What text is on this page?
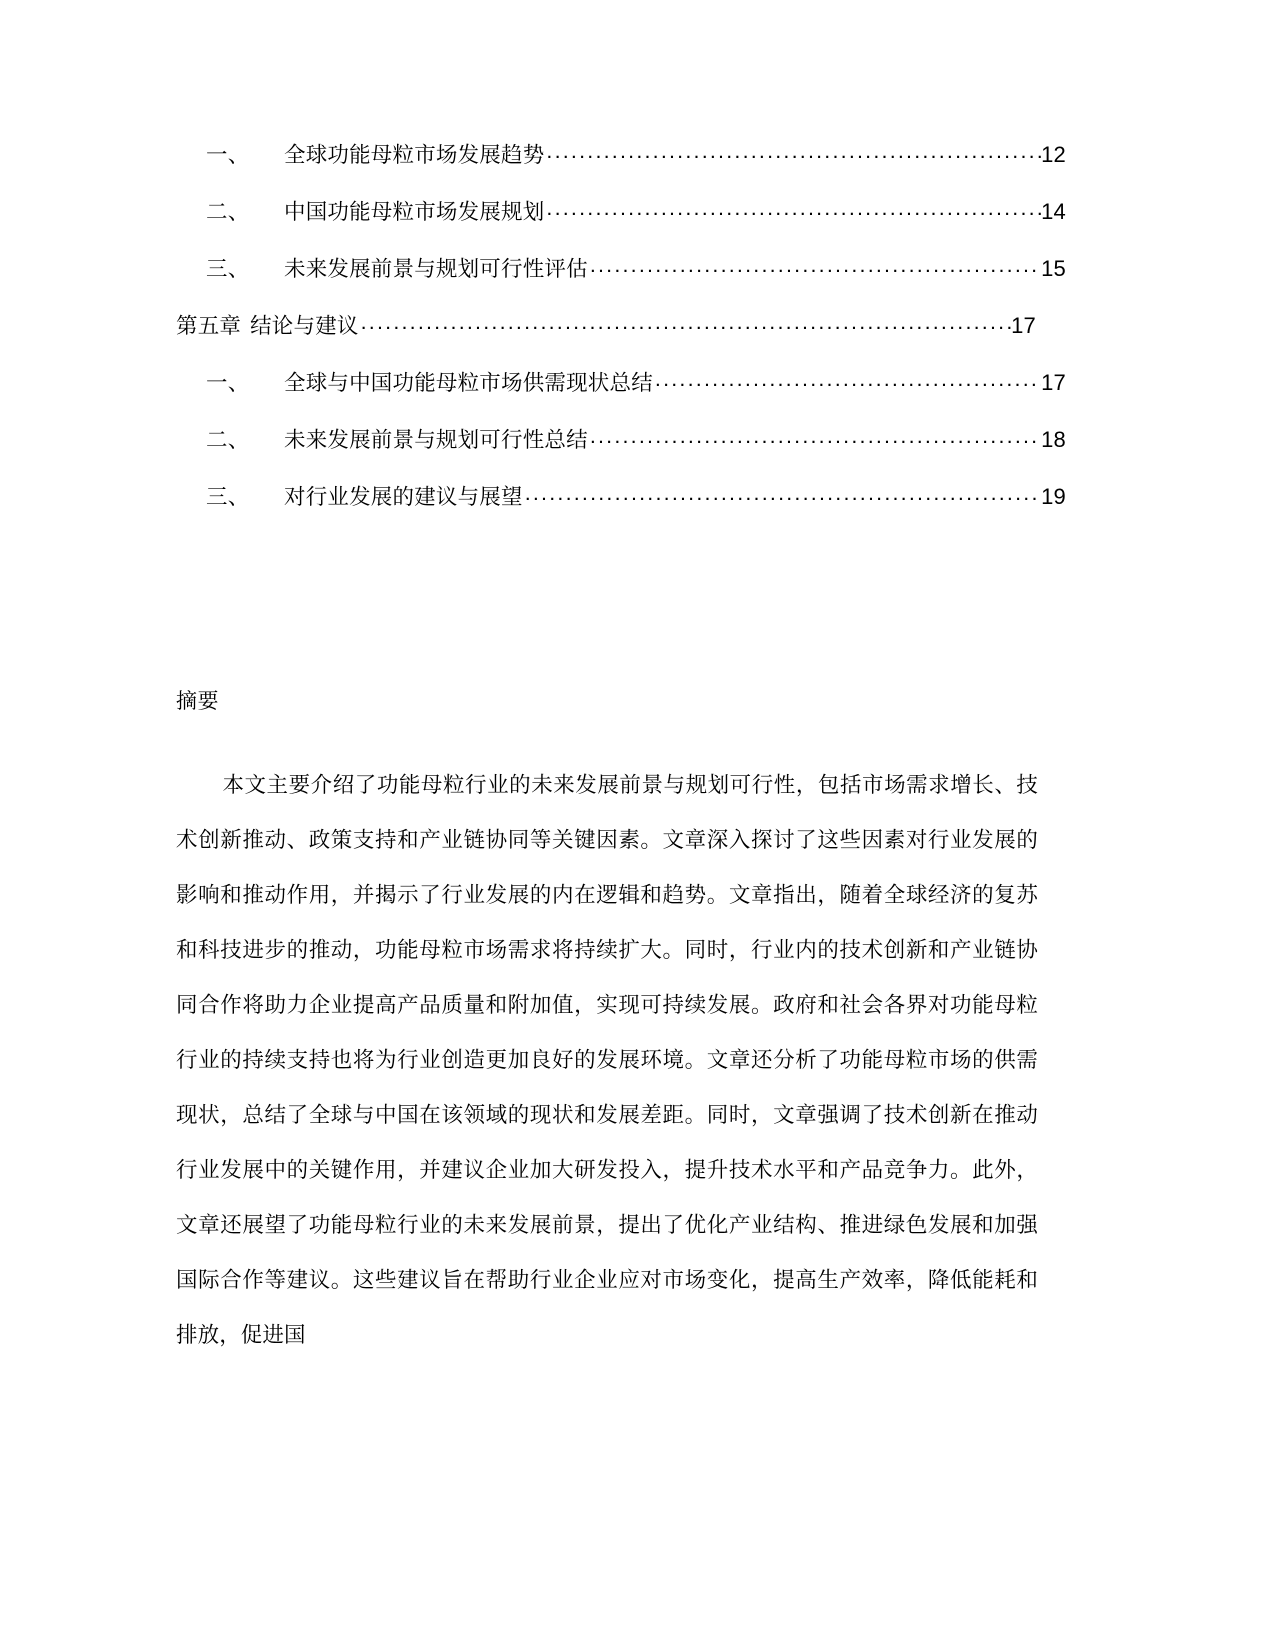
一、	全球功能母粒市场发展趋势 .....	12
二、	中国功能母粒市场发展规划 .....	14
三、	未来发展前景与规划可行性评估 .....	15
第五章 结论与建议 .....	17
一、	全球与中国功能母粒市场供需现状总结 .....	17
二、	未来发展前景与规划可行性总结 .....	18
三、	对行业发展的建议与展望 .....	19
摘要
本文主要介绍了功能母粒行业的未来发展前景与规划可行性，包括市场需求增长、技术创新推动、政策支持和产业链协同等关键因素。文章深入探讨了这些因素对行业发展的影响和推动作用，并揭示了行业发展的内在逻辑和趋势。文章指出，随着全球经济的复苏和科技进步的推动，功能母粒市场需求将持续扩大。同时，行业内的技术创新和产业链协同合作将助力企业提高产品质量和附加值，实现可持续发展。政府和社会各界对功能母粒行业的持续支持也将为行业创造更加良好的发展环境。文章还分析了功能母粒市场的供需现状，总结了全球与中国在该领域的现状和发展差距。同时，文章强调了技术创新在推动行业发展中的关键作用，并建议企业加大研发投入，提升技术水平和产品竞争力。此外，文章还展望了功能母粒行业的未来发展前景，提出了优化产业结构、推进绿色发展和加强国际合作等建议。这些建议旨在帮助行业企业应对市场变化，提高生产效率，降低能耗和排放，促进国
